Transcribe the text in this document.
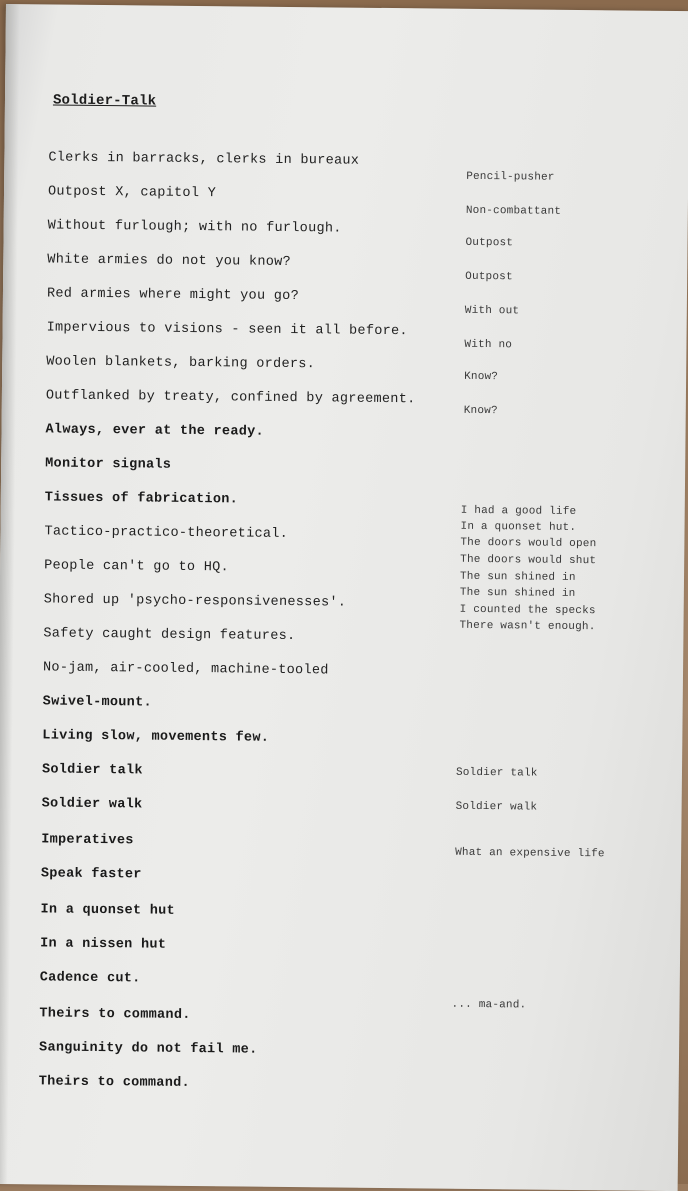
Soldier-Talk

Clerks in barracks, clerks in bureaux

Outpost X, capitol Y

Without furlough; with no furlough.

White armies do not you know?

Red armies where might you go?

Impervious to visions - seen it all before.

Woolen blankets, barking orders.

Outflanked by treaty, confined by agreement.

Always, ever at the ready.

Monitor signals

Tissues of fabrication.

Tactico-practico-theoretical.

People can't go to HQ.

Shored up 'psycho-responsivenesses'.

Safety caught design features.

No-jam, air-cooled, machine-tooled

Swivel-mount.

Living slow, movements few.

Soldier talk

Soldier walk

Imperatives

Speak faster

In a quonset hut

In a nissen hut

Cadence cut.

Theirs to command.

Sanguinity do not fail me.

Theirs to command.

Pencil-pusher

Non-combattant

Outpost

Outpost

With out

With no

Know?

Know?

I had a good life

In a quonset hut.

The doors would open

The doors would shut

The sun shined in

The sun shined in

I counted the specks

There wasn't enough.

Soldier talk

Soldier walk

What an expensive life

... ma-and.
